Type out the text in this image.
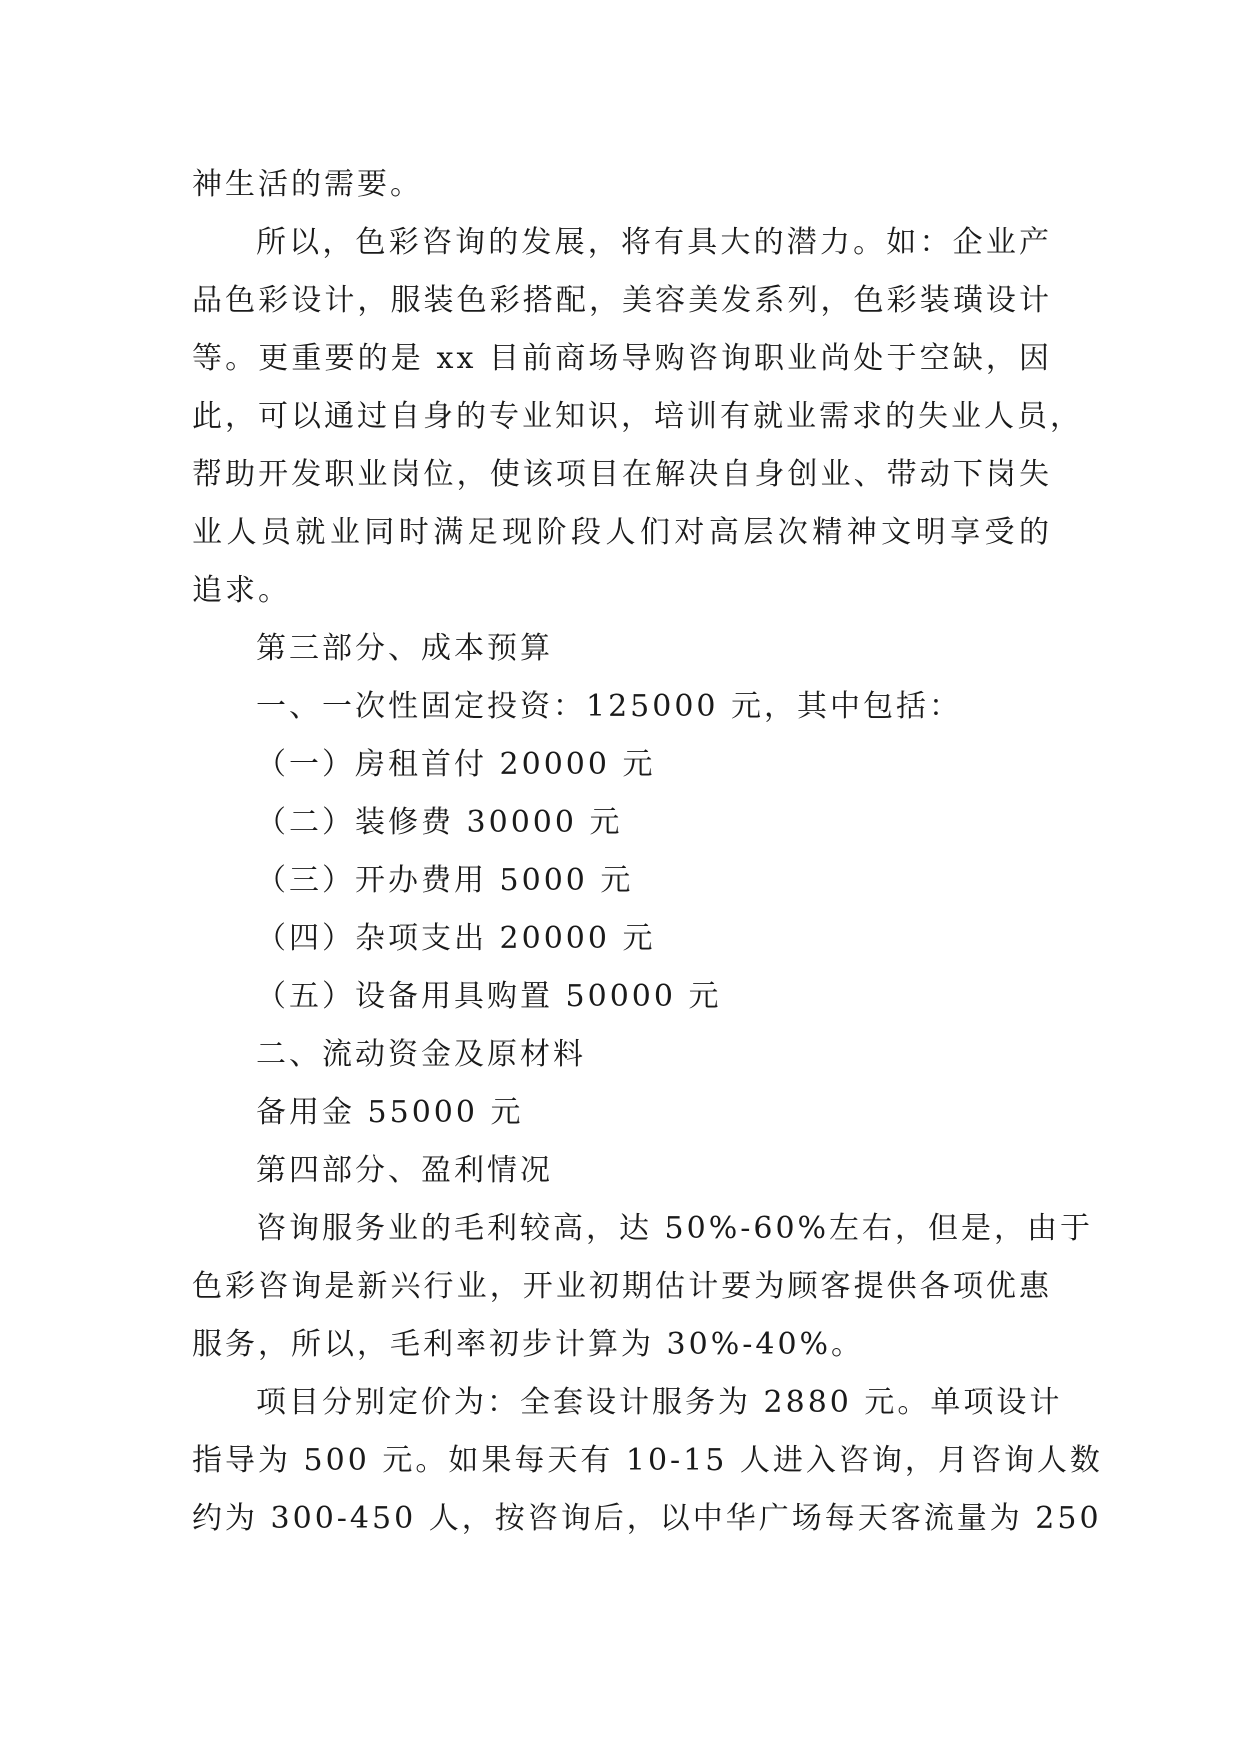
神生活的需要。
所以，色彩咨询的发展，将有具大的潜力。如：企业产
品色彩设计，服装色彩搭配，美容美发系列，色彩装璜设计
等。更重要的是 xx 目前商场导购咨询职业尚处于空缺，因
此，可以通过自身的专业知识，培训有就业需求的失业人员，
帮助开发职业岗位，使该项目在解决自身创业、带动下岗失
业人员就业同时满足现阶段人们对高层次精神文明享受的
追求。
第三部分、成本预算
一、一次性固定投资：125000 元，其中包括：
（一）房租首付 20000 元
（二）装修费 30000 元
（三）开办费用 5000 元
（四）杂项支出 20000 元
（五）设备用具购置 50000 元
二、流动资金及原材料
备用金 55000 元
第四部分、盈利情况
咨询服务业的毛利较高，达 50%-60%左右，但是，由于
色彩咨询是新兴行业，开业初期估计要为顾客提供各项优惠
服务，所以，毛利率初步计算为 30%-40%。
项目分别定价为：全套设计服务为 2880 元。单项设计
指导为 500 元。如果每天有 10-15 人进入咨询，月咨询人数
约为 300-450 人，按咨询后，以中华广场每天客流量为 250
